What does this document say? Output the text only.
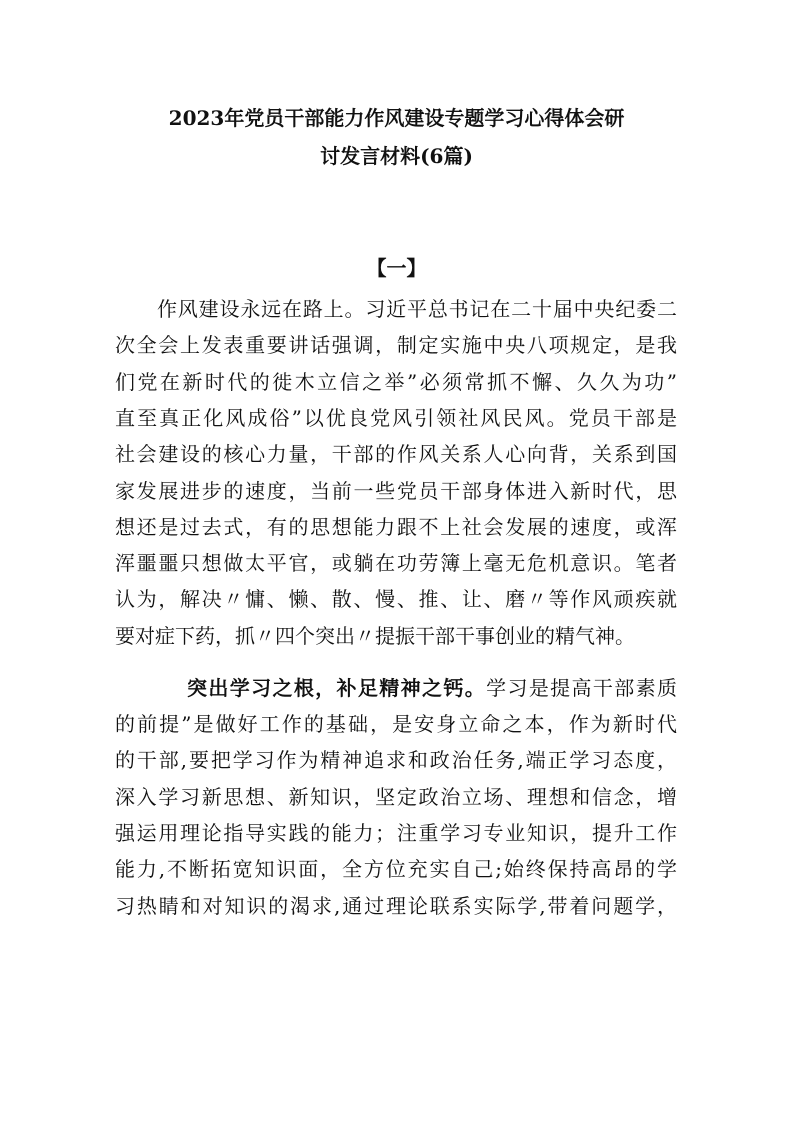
2023年党员干部能力作风建设专题学习心得体会研
讨发言材料(6篇)
【一】
作风建设永远在路上。习近平总书记在二十届中央纪委二
次全会上发表重要讲话强调，制定实施中央八项规定，是我
们党在新时代的徙木立信之举”必须常抓不懈、久久为功”
直至真正化风成俗”以优良党风引领社风民风。党员干部是
社会建设的核心力量，干部的作风关系人心向背，关系到国
家发展进步的速度，当前一些党员干部身体进入新时代，思
想还是过去式，有的思想能力跟不上社会发展的速度，或浑
浑噩噩只想做太平官，或躺在功劳簿上毫无危机意识。笔者
认为，解决〃慵、懒、散、慢、推、让、磨〃等作风顽疾就
要对症下药，抓〃四个突出〃提振干部干事创业的精气神。
突出学习之根，补足精神之钙。学习是提高干部素质
的前提”是做好工作的基础，是安身立命之本，作为新时代
的干部,要把学习作为精神追求和政治任务,端正学习态度，
深入学习新思想、新知识，坚定政治立场、理想和信念，增
强运用理论指导实践的能力；注重学习专业知识，提升工作
能力,不断拓宽知识面，全方位充实自己;始终保持高昂的学
习热睛和对知识的渴求,通过理论联系实际学,带着问题学，
